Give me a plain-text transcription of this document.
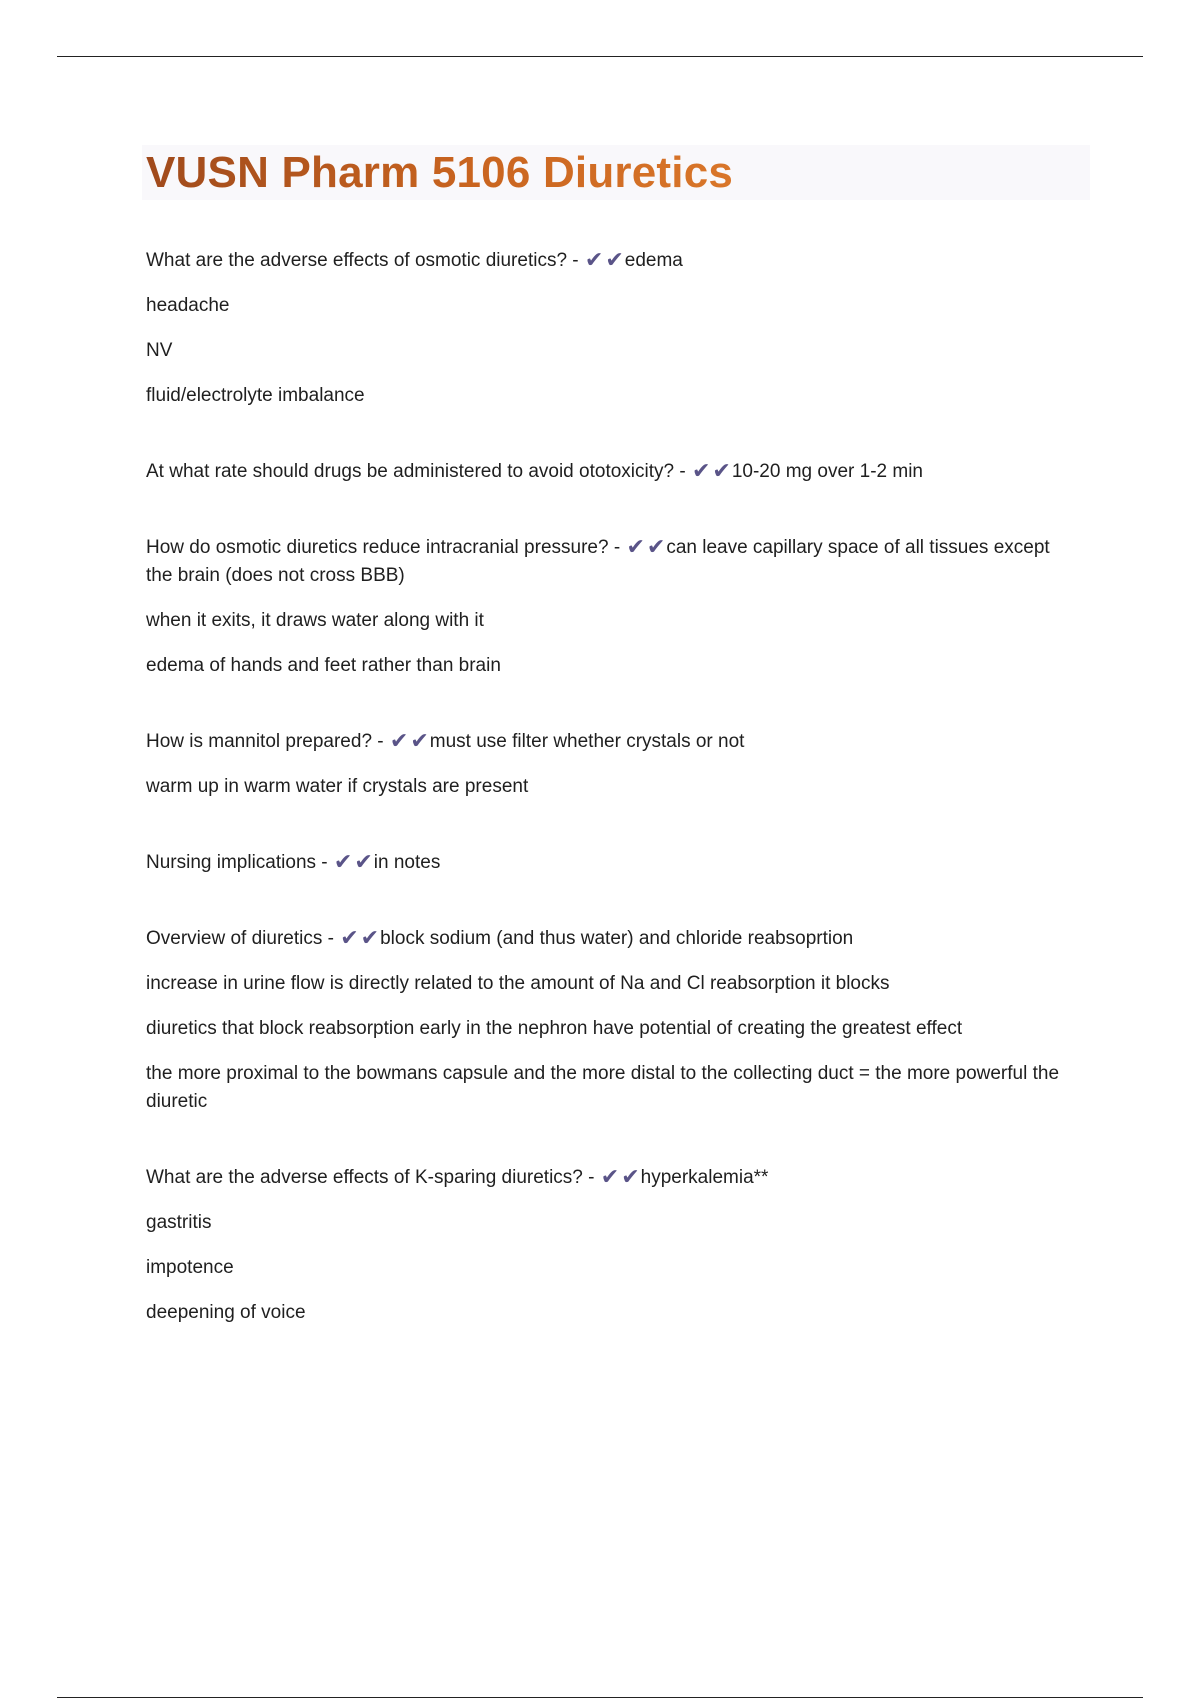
VUSN Pharm 5106 Diuretics
What are the adverse effects of osmotic diuretics? - ✔✔edema
headache
NV
fluid/electrolyte imbalance
At what rate should drugs be administered to avoid ototoxicity? - ✔✔10-20 mg over 1-2 min
How do osmotic diuretics reduce intracranial pressure? - ✔✔can leave capillary space of all tissues except the brain (does not cross BBB)
when it exits, it draws water along with it
edema of hands and feet rather than brain
How is mannitol prepared? - ✔✔must use filter whether crystals or not
warm up in warm water if crystals are present
Nursing implications - ✔✔in notes
Overview of diuretics - ✔✔block sodium (and thus water) and chloride reabsoprtion
increase in urine flow is directly related to the amount of Na and Cl reabsorption it blocks
diuretics that block reabsorption early in the nephron have potential of creating the greatest effect
the more proximal to the bowmans capsule and the more distal to the collecting duct = the more powerful the diuretic
What are the adverse effects of K-sparing diuretics? - ✔✔hyperkalemia**
gastritis
impotence
deepening of voice
